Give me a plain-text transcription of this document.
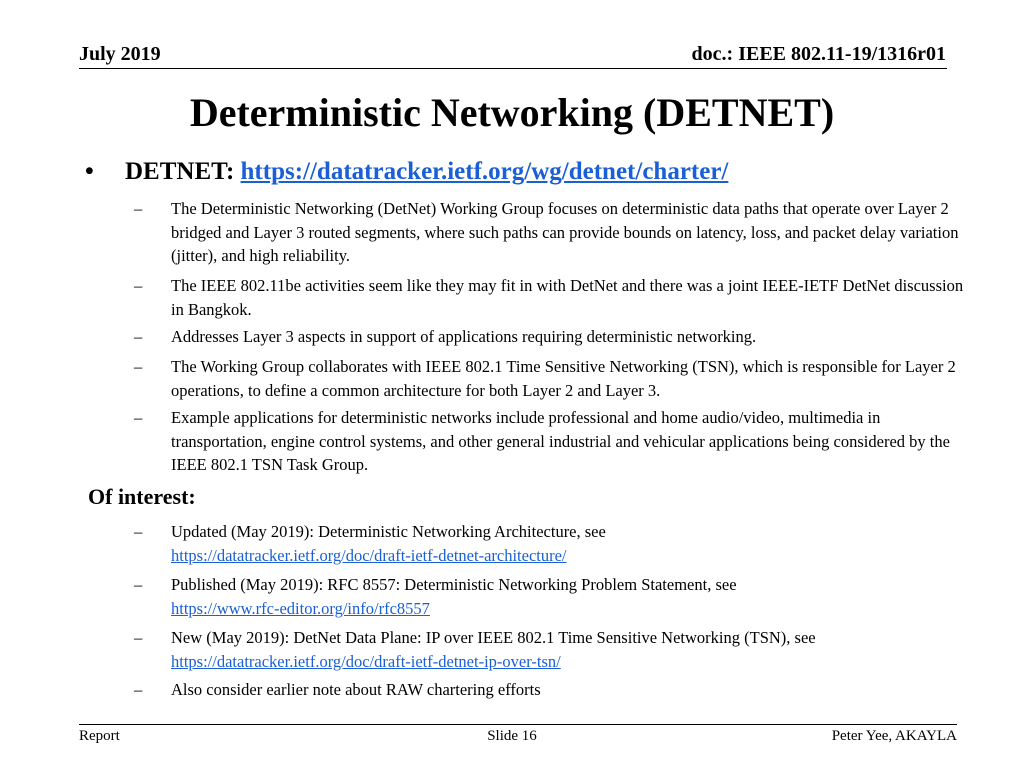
July 2019	doc.: IEEE 802.11-19/1316r01
Deterministic Networking (DETNET)
• DETNET: https://datatracker.ietf.org/wg/detnet/charter/
– The Deterministic Networking (DetNet) Working Group focuses on deterministic data paths that operate over Layer 2 bridged and Layer 3 routed segments, where such paths can provide bounds on latency, loss, and packet delay variation (jitter), and high reliability.
– The IEEE 802.11be activities seem like they may fit in with DetNet and there was a joint IEEE-IETF DetNet discussion in Bangkok.
– Addresses Layer 3 aspects in support of applications requiring deterministic networking.
– The Working Group collaborates with IEEE 802.1 Time Sensitive Networking (TSN), which is responsible for Layer 2 operations, to define a common architecture for both Layer 2 and Layer 3.
– Example applications for deterministic networks include professional and home audio/video, multimedia in transportation, engine control systems, and other general industrial and vehicular applications being considered by the IEEE 802.1 TSN Task Group.
Of interest:
– Updated (May 2019): Deterministic Networking Architecture, see
https://datatracker.ietf.org/doc/draft-ietf-detnet-architecture/
– Published (May 2019): RFC 8557: Deterministic Networking Problem Statement, see
https://www.rfc-editor.org/info/rfc8557
– New (May 2019): DetNet Data Plane: IP over IEEE 802.1 Time Sensitive Networking (TSN), see
https://datatracker.ietf.org/doc/draft-ietf-detnet-ip-over-tsn/
– Also consider earlier note about RAW chartering efforts
Report	Slide 16	Peter Yee, AKAYLA
